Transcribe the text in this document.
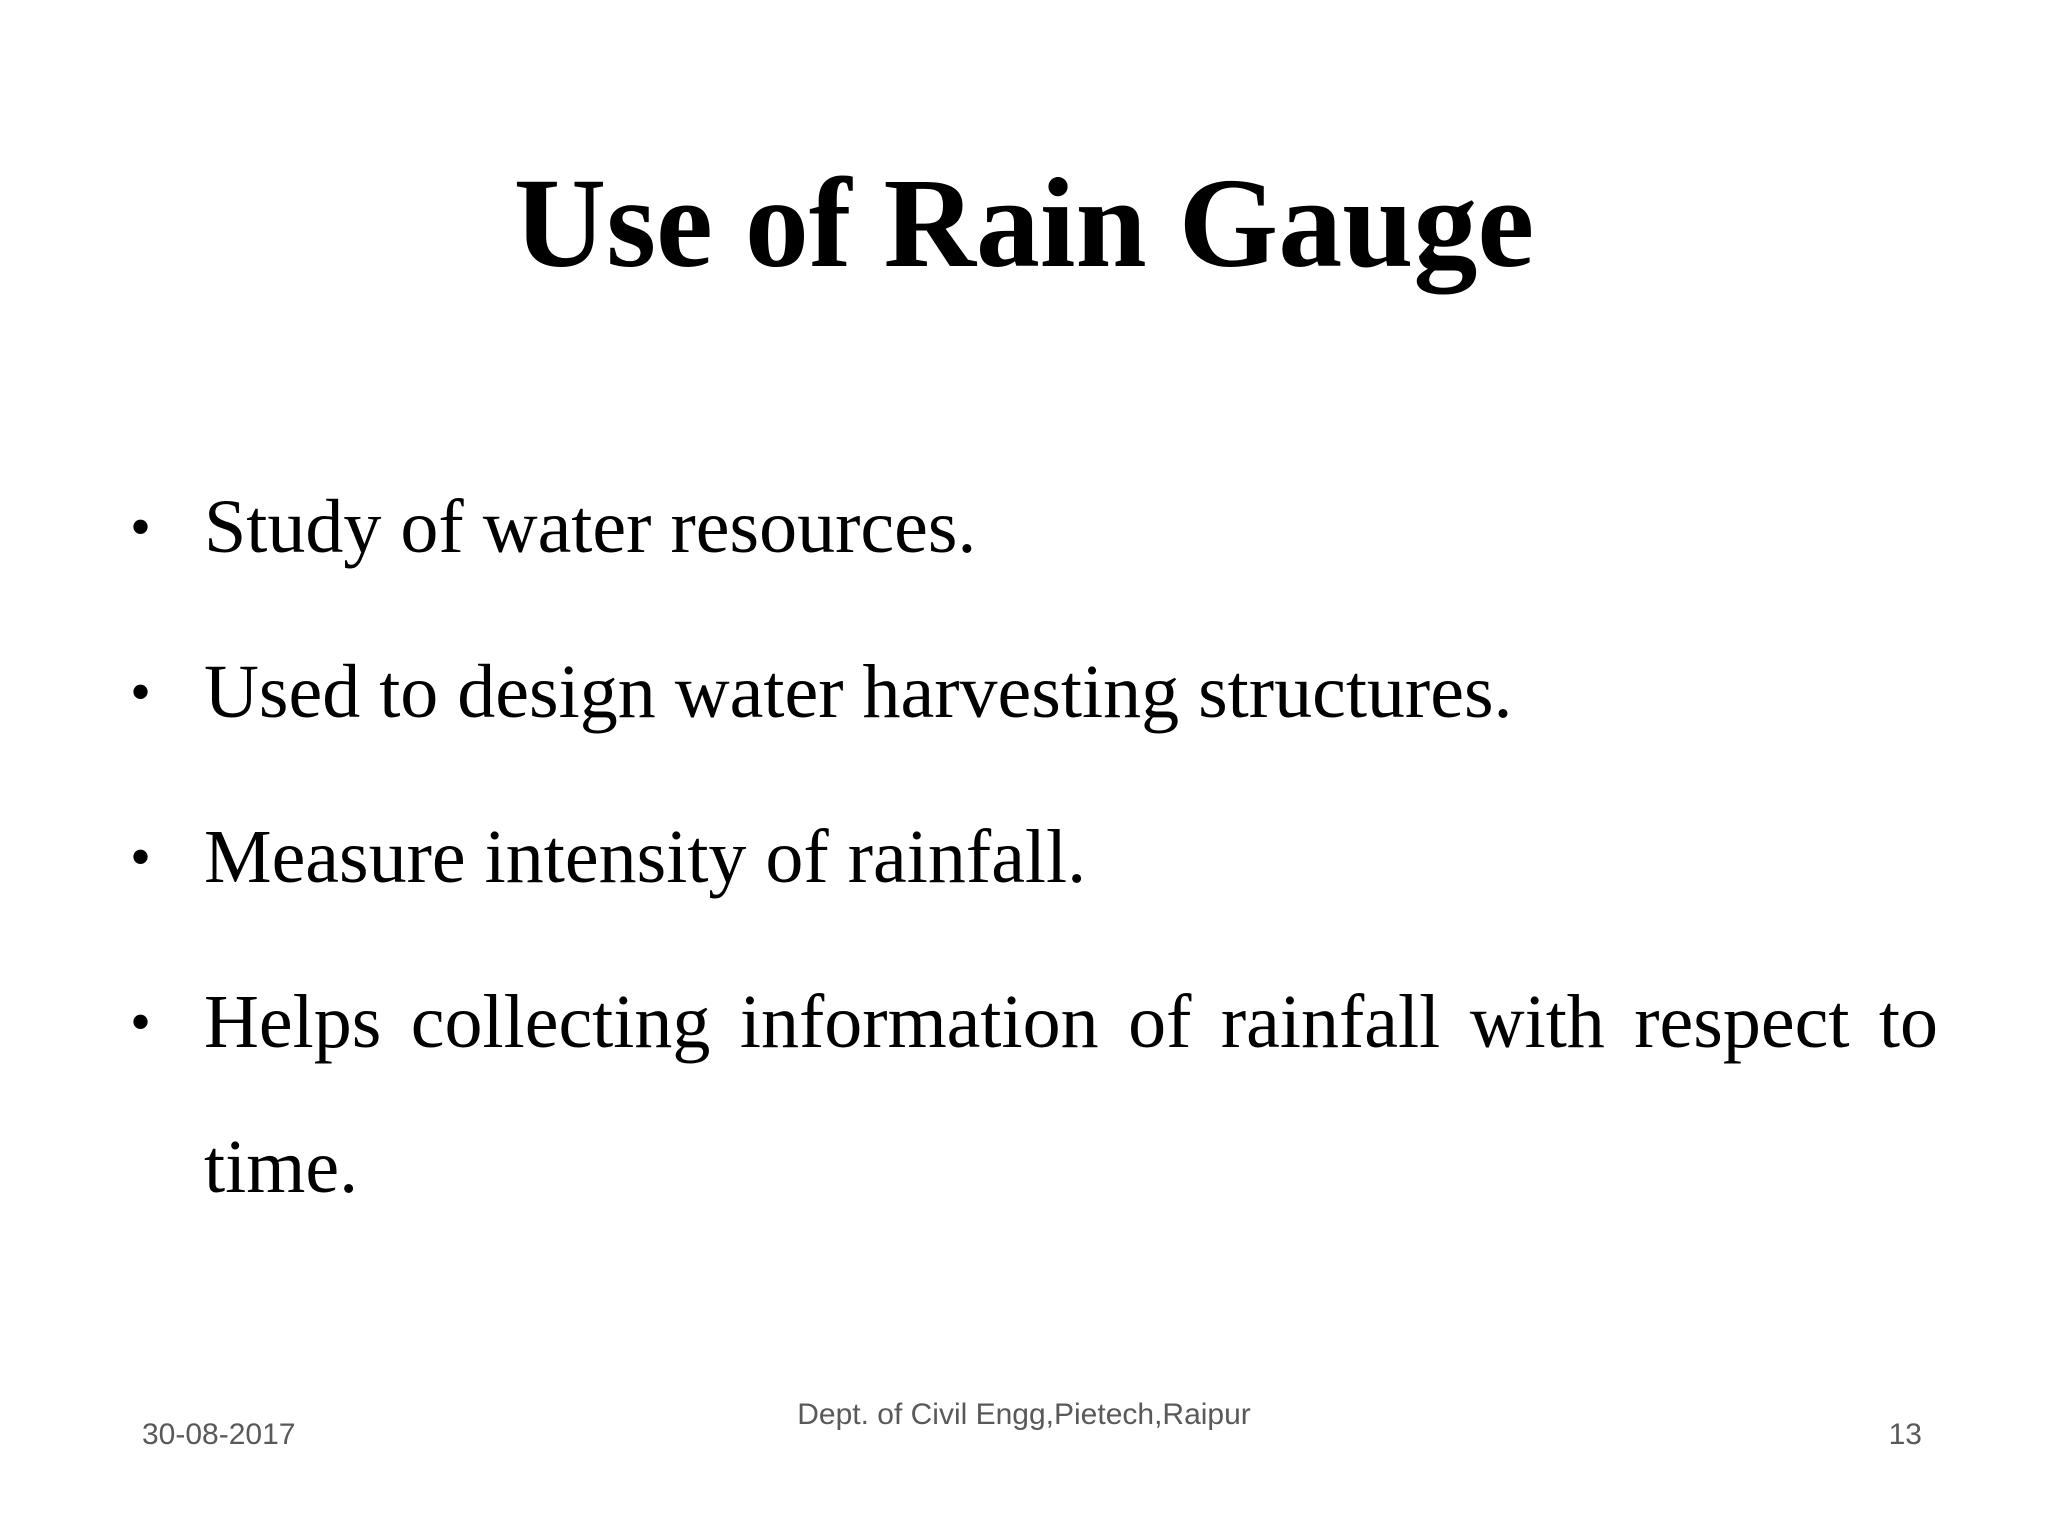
Use of Rain Gauge
• Study of water resources.
• Used to design water harvesting structures.
• Measure intensity of rainfall.
• Helps collecting information of rainfall with respect to time.
30-08-2017
Dept. of Civil Engg,Pietech,Raipur
13
